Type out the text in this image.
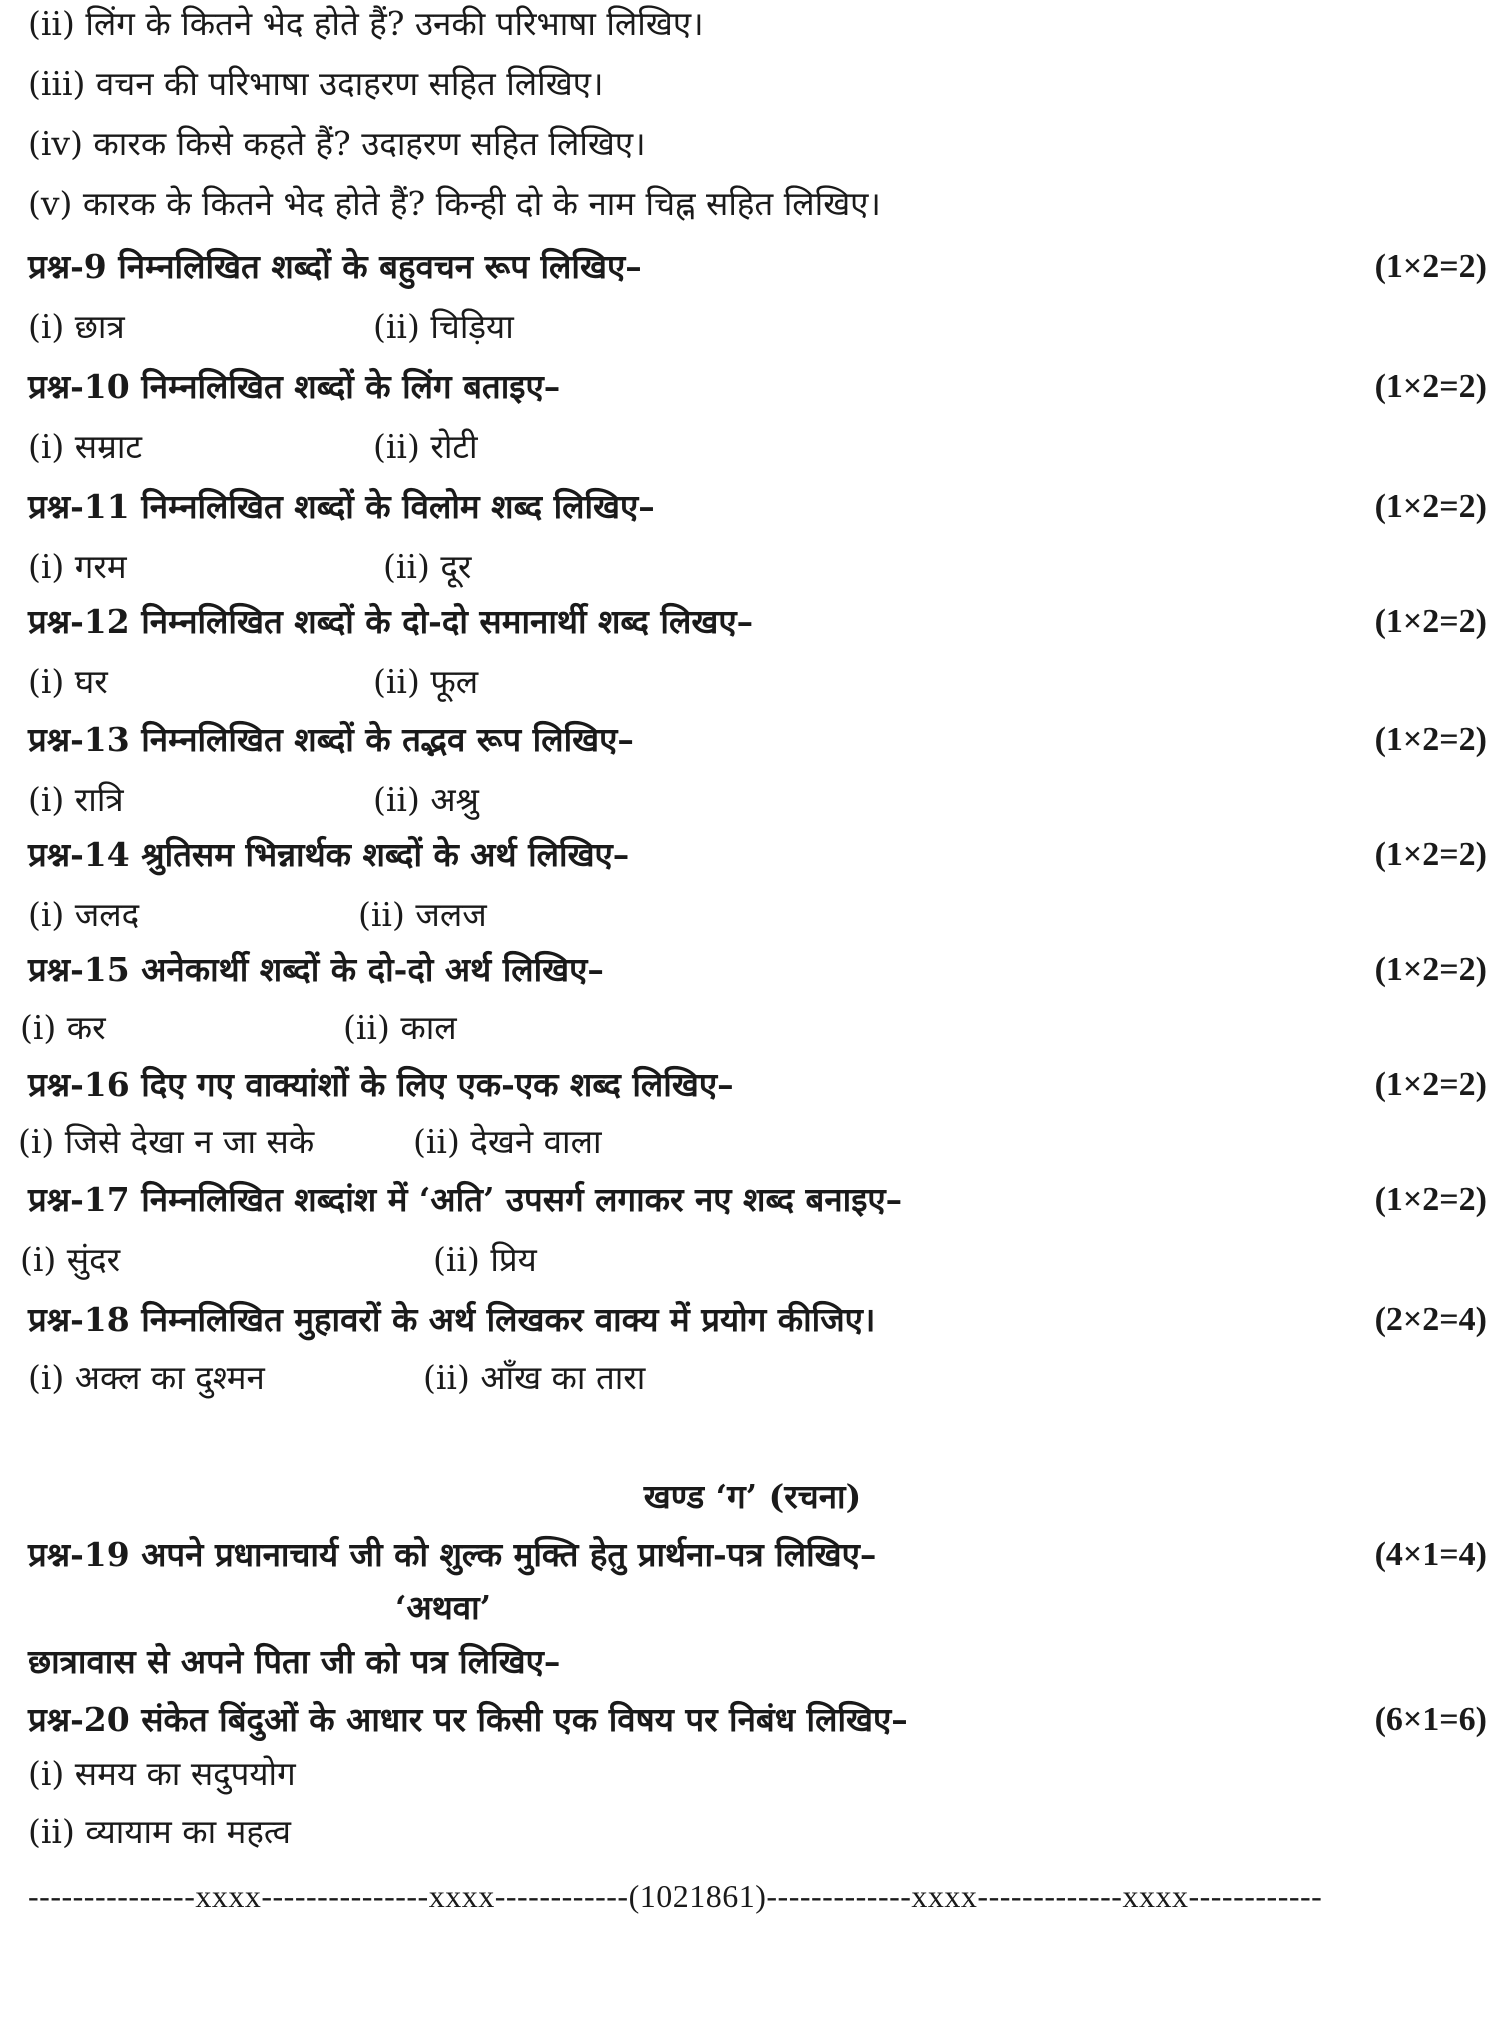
(ii) लिंग के कितने भेद होते हैं? उनकी परिभाषा लिखिए।
(iii) वचन की परिभाषा उदाहरण सहित लिखिए।
(iv) कारक किसे कहते हैं? उदाहरण सहित लिखिए।
(v) कारक के कितने भेद होते हैं? किन्ही दो के नाम चिह्न सहित लिखिए।
प्रश्न-9 निम्नलिखित शब्दों के बहुवचन रूप लिखिए–	(1×2=2)
(i) छात्र	(ii) चिड़िया
प्रश्न-10 निम्नलिखित शब्दों के लिंग बताइए–	(1×2=2)
(i) सम्राट	(ii) रोटी
प्रश्न-11 निम्नलिखित शब्दों के विलोम शब्द लिखिए–	(1×2=2)
(i) गरम	(ii) दूर
प्रश्न-12 निम्नलिखित शब्दों के दो-दो समानार्थी शब्द लिखए–	(1×2=2)
(i) घर	(ii) फूल
प्रश्न-13 निम्नलिखित शब्दों के तद्भव रूप लिखिए–	(1×2=2)
(i) रात्रि	(ii) अश्रु
प्रश्न-14 श्रुतिसम भिन्नार्थक शब्दों के अर्थ लिखिए–	(1×2=2)
(i) जलद	(ii) जलज
प्रश्न-15 अनेकार्थी शब्दों के दो-दो अर्थ लिखिए–	(1×2=2)
(i) कर	(ii) काल
प्रश्न-16 दिए गए वाक्यांशों के लिए एक-एक शब्द लिखिए–	(1×2=2)
(i) जिसे देखा न जा सके	(ii) देखने वाला
प्रश्न-17 निम्नलिखित शब्दांश में ‘अति’ उपसर्ग लगाकर नए शब्द बनाइए–	(1×2=2)
(i) सुंदर	(ii) प्रिय
प्रश्न-18 निम्नलिखित मुहावरों के अर्थ लिखकर वाक्य में प्रयोग कीजिए।	(2×2=4)
(i) अक्ल का दुश्मन	(ii) आँख का तारा
खण्ड ‘ग’ (रचना)
प्रश्न-19 अपने प्रधानाचार्य जी को शुल्क मुक्ति हेतु प्रार्थना-पत्र लिखिए–	(4×1=4)
‘अथवा’
छात्रावास से अपने पिता जी को पत्र लिखिए–
प्रश्न-20 संकेत बिंदुओं के आधार पर किसी एक विषय पर निबंध लिखिए–	(6×1=6)
(i) समय का सदुपयोग
(ii) व्यायाम का महत्व
---------------xxxx---------------xxxx------------(1021861)-------------xxxx-------------xxxx------------
